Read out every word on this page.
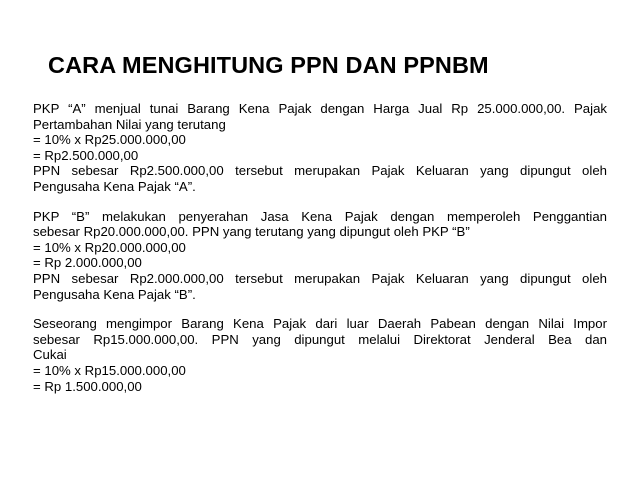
CARA MENGHITUNG PPN DAN PPNBM
PKP “A” menjual tunai Barang Kena Pajak dengan Harga Jual Rp 25.000.000,00. Pajak
Pertambahan Nilai yang terutang
= 10% x Rp25.000.000,00
= Rp2.500.000,00
PPN sebesar Rp2.500.000,00 tersebut merupakan Pajak Keluaran yang dipungut oleh
Pengusaha Kena Pajak “A”.
PKP “B” melakukan penyerahan Jasa Kena Pajak dengan memperoleh Penggantian
sebesar Rp20.000.000,00. PPN yang terutang yang dipungut oleh PKP “B”
= 10% x Rp20.000.000,00
= Rp 2.000.000,00
PPN sebesar Rp2.000.000,00 tersebut merupakan Pajak Keluaran yang dipungut oleh
Pengusaha Kena Pajak “B”.
Seseorang mengimpor Barang Kena Pajak dari luar Daerah Pabean dengan Nilai Impor
sebesar Rp15.000.000,00. PPN yang dipungut melalui Direktorat Jenderal Bea dan
Cukai
= 10% x Rp15.000.000,00
= Rp 1.500.000,00
